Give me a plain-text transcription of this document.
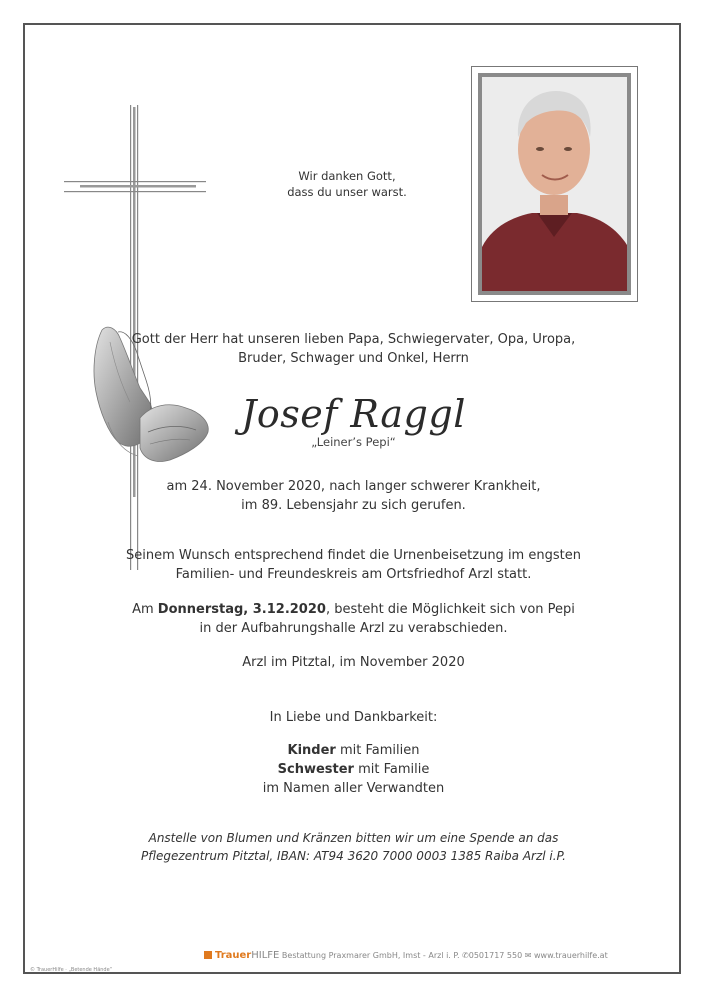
Wir danken Gott,
dass du unser warst.
Gott der Herr hat unseren lieben Papa, Schwiegervater, Opa, Uropa,
Bruder, Schwager und Onkel, Herrn
Josef Raggl
„Leiner’s Pepi“
am 24. November 2020, nach langer schwerer Krankheit,
im 89. Lebensjahr zu sich gerufen.
Seinem Wunsch entsprechend findet die Urnenbeisetzung im engsten
Familien- und Freundeskreis am Ortsfriedhof Arzl statt.
Am Donnerstag, 3.12.2020, besteht die Möglichkeit sich von Pepi
in der Aufbahrungshalle Arzl zu verabschieden.
Arzl im Pitztal, im November 2020
In Liebe und Dankbarkeit:
Kinder mit Familien
Schwester mit Familie
im Namen aller Verwandten
Anstelle von Blumen und Kränzen bitten wir um eine Spende an das
Pflegezentrum Pitztal, IBAN: AT94 3620 7000 0003 1385 Raiba Arzl i.P.
TrauerHILFE Bestattung Praxmarer GmbH, Imst - Arzl i. P. ✆0501717 550 ✉ www.trauerhilfe.at
© TrauerHilfe · „Betende Hände“
